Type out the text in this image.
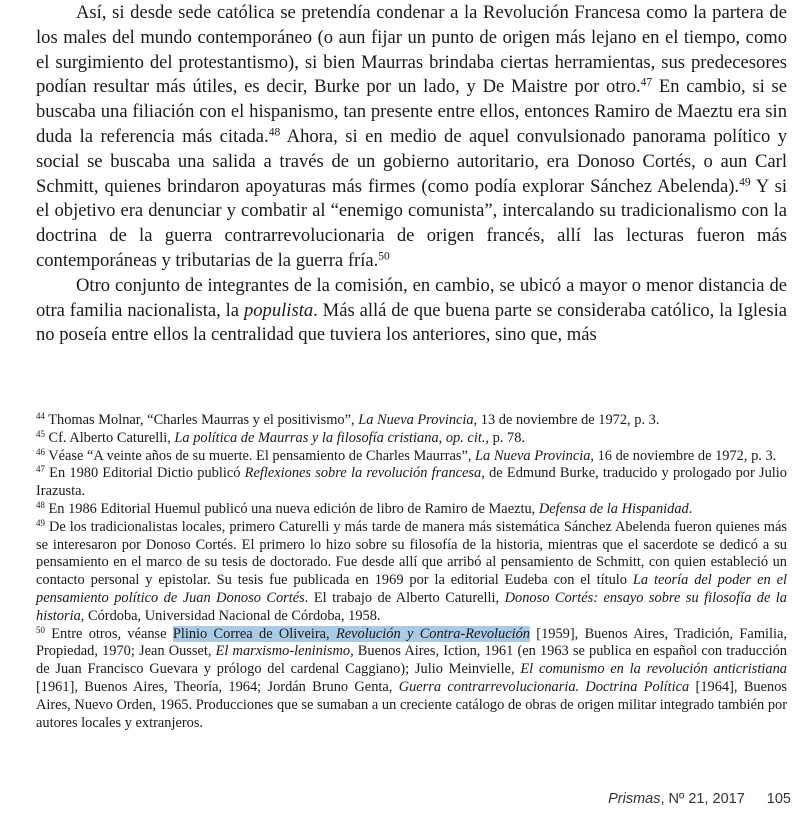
Así, si desde sede católica se pretendía condenar a la Revolución Francesa como la partera de los males del mundo contemporáneo (o aun fijar un punto de origen más lejano en el tiempo, como el surgimiento del protestantismo), si bien Maurras brindaba ciertas herramientas, sus predecesores podían resultar más útiles, es decir, Burke por un lado, y De Maistre por otro.$^{47}$ En cambio, si se buscaba una filiación con el hispanismo, tan presente entre ellos, entonces Ramiro de Maeztu era sin duda la referencia más citada.$^{48}$ Ahora, si en medio de aquel convulsionado panorama político y social se buscaba una salida a través de un gobierno autoritario, era Donoso Cortés, o aun Carl Schmitt, quienes brindaron apoyaturas más firmes (como podía explorar Sánchez Abelenda).$^{49}$ Y si el objetivo era denunciar y combatir al “enemigo comunista”, intercalando su tradicionalismo con la doctrina de la guerra contrarrevolucionaria de origen francés, allí las lecturas fueron más contemporáneas y tributarias de la guerra fría.$^{50}$

Otro conjunto de integrantes de la comisión, en cambio, se ubicó a mayor o menor distancia de otra familia nacionalista, la populista. Más allá de que buena parte se consideraba católico, la Iglesia no poseía entre ellos la centralidad que tuviera los anteriores, sino que, más

$^{44}$ Thomas Molnar, “Charles Maurras y el positivismo”, La Nueva Provincia, 13 de noviembre de 1972, p. 3.

$^{45}$ Cf. Alberto Caturelli, La política de Maurras y la filosofía cristiana, op. cit., p. 78.

$^{46}$ Véase “A veinte años de su muerte. El pensamiento de Charles Maurras”, La Nueva Provincia, 16 de noviembre de 1972, p. 3.

$^{47}$ En 1980 Editorial Dictio publicó Reflexiones sobre la revolución francesa, de Edmund Burke, traducido y prologado por Julio Irazusta.

$^{48}$ En 1986 Editorial Huemul publicó una nueva edición de libro de Ramiro de Maeztu, Defensa de la Hispanidad.

$^{49}$ De los tradicionalistas locales, primero Caturelli y más tarde de manera más sistemática Sánchez Abelenda fueron quienes más se interesaron por Donoso Cortés. El primero lo hizo sobre su filosofía de la historia, mientras que el sacerdote se dedicó a su pensamiento en el marco de su tesis de doctorado. Fue desde allí que arribó al pensamiento de Schmitt, con quien estableció un contacto personal y epistolar. Su tesis fue publicada en 1969 por la editorial Eudeba con el título La teoría del poder en el pensamiento político de Juan Donoso Cortés. El trabajo de Alberto Caturelli, Donoso Cortés: ensayo sobre su filosofía de la historia, Córdoba, Universidad Nacional de Córdoba, 1958.

$^{50}$ Entre otros, véanse Plinio Correa de Oliveira, Revolución y Contra-Revolución [1959], Buenos Aires, Tradición, Familia, Propiedad, 1970; Jean Ousset, El marxismo-leninismo, Buenos Aires, Iction, 1961 (en 1963 se publica en español con traducción de Juan Francisco Guevara y prólogo del cardenal Caggiano); Julio Meinvielle, El comunismo en la revolución anticristiana [1961], Buenos Aires, Theoría, 1964; Jordán Bruno Genta, Guerra contrarrevolucionaria. Doctrina Política [1964], Buenos Aires, Nuevo Orden, 1965. Producciones que se sumaban a un creciente catálogo de obras de origen militar integrado también por autores locales y extranjeros.

Prismas, Nº 21, 2017 105
